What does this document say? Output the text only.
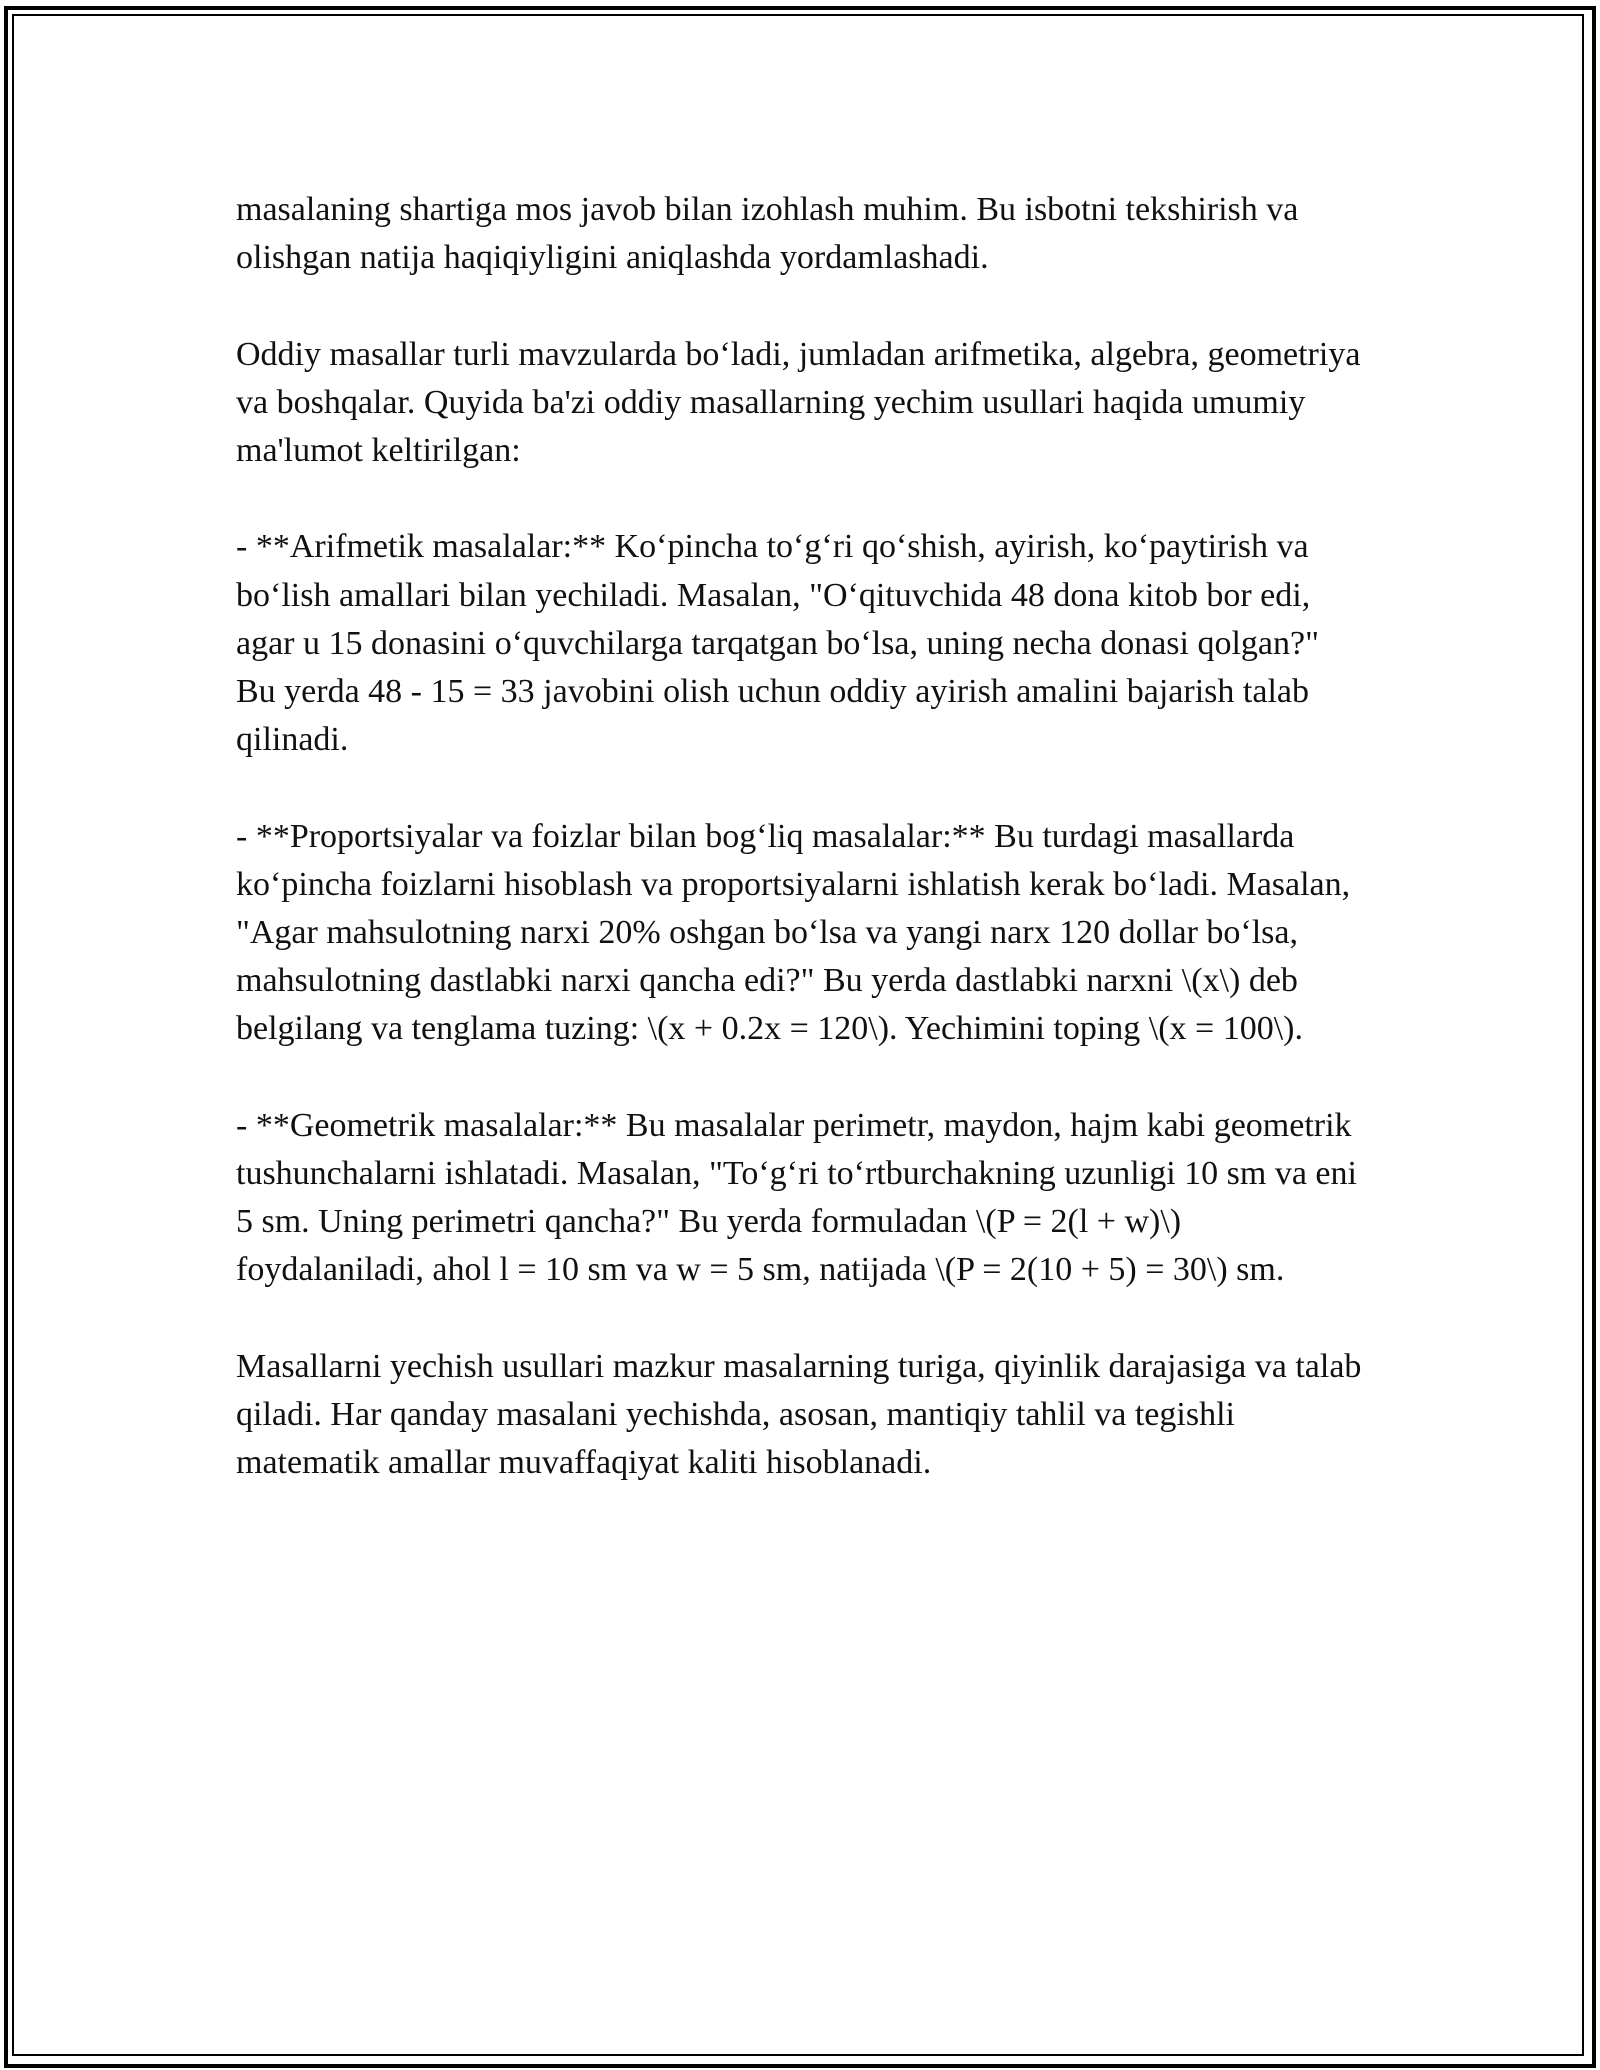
masalaning shartiga mos javob bilan izohlash muhim. Bu isbotni tekshirish va olishgan natija haqiqiyligini aniqlashda yordamlashadi.

Oddiy masallar turli mavzularda bo‘ladi, jumladan arifmetika, algebra, geometriya va boshqalar. Quyida ba'zi oddiy masallarning yechim usullari haqida umumiy ma'lumot keltirilgan:

- **Arifmetik masalalar:** Ko‘pincha to‘g‘ri qo‘shish, ayirish, ko‘paytirish va bo‘lish amallari bilan yechiladi. Masalan, "O‘qituvchida 48 dona kitob bor edi, agar u 15 donasini o‘quvchilarga tarqatgan bo‘lsa, uning necha donasi qolgan?" Bu yerda 48 - 15 = 33 javobini olish uchun oddiy ayirish amalini bajarish talab qilinadi.

- **Proportsiyalar va foizlar bilan bog‘liq masalalar:** Bu turdagi masallarda ko‘pincha foizlarni hisoblash va proportsiyalarni ishlatish kerak bo‘ladi. Masalan, "Agar mahsulotning narxi 20% oshgan bo‘lsa va yangi narx 120 dollar bo‘lsa, mahsulotning dastlabki narxi qancha edi?" Bu yerda dastlabki narxni \(x\) deb belgilang va tenglama tuzing: \(x + 0.2x = 120\). Yechimini toping \(x = 100\).

- **Geometrik masalalar:** Bu masalalar perimetr, maydon, hajm kabi geometrik tushunchalarni ishlatadi. Masalan, "To‘g‘ri to‘rtburchakning uzunligi 10 sm va eni 5 sm. Uning perimetri qancha?" Bu yerda formuladan \(P = 2(l + w)\) foydalaniladi, ahol l = 10 sm va w = 5 sm, natijada \(P = 2(10 + 5) = 30\) sm.

Masallarni yechish usullari mazkur masalarning turiga, qiyinlik darajasiga va talab qiladi. Har qanday masalani yechishda, asosan, mantiqiy tahlil va tegishli matematik amallar muvaffaqiyat kaliti hisoblanadi.
